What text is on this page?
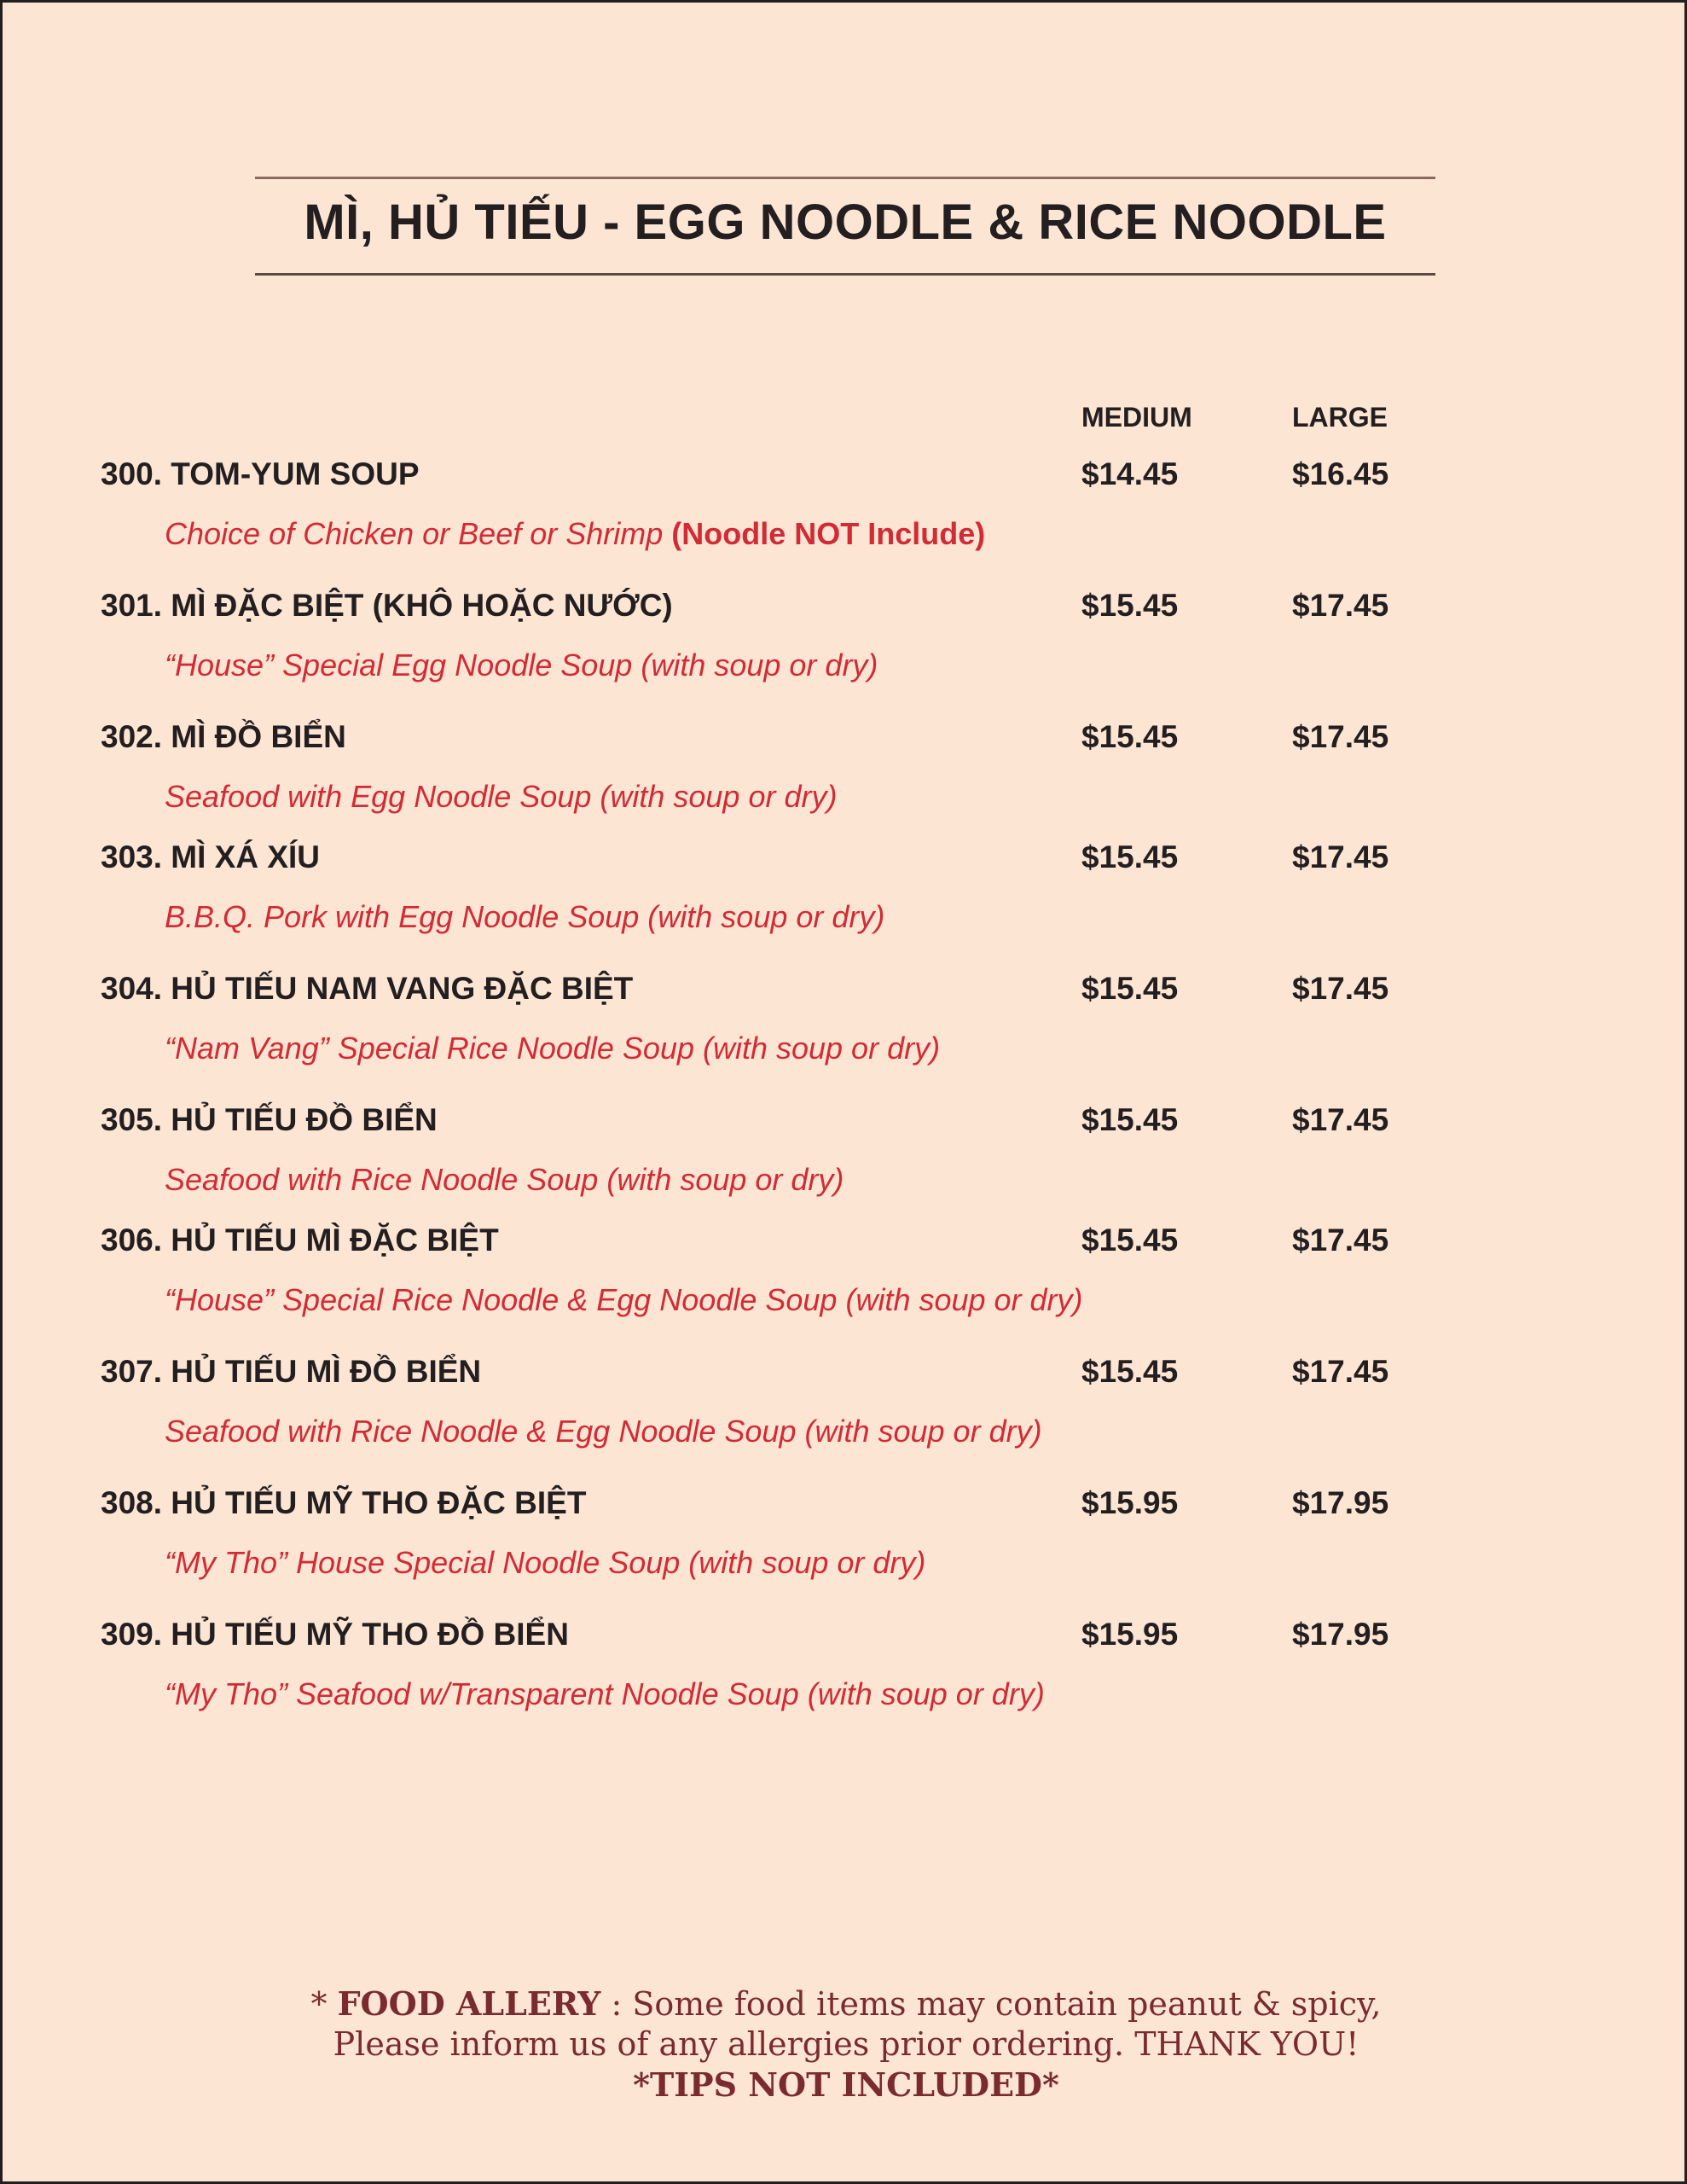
MÌ, HỦ TIẾU - EGG NOODLE & RICE NOODLE
MEDIUM	LARGE
300. TOM-YUM SOUP	$14.45	$16.45
Choice of Chicken or Beef or Shrimp (Noodle NOT Include)
301. MÌ ĐẶC BIỆT (KHÔ HOẶC NƯỚC)	$15.45	$17.45
“House” Special Egg Noodle Soup (with soup or dry)
302. MÌ ĐỒ BIỂN	$15.45	$17.45
Seafood with Egg Noodle Soup (with soup or dry)
303. MÌ XÁ XÍU	$15.45	$17.45
B.B.Q. Pork with Egg Noodle Soup (with soup or dry)
304. HỦ TIẾU NAM VANG ĐẶC BIỆT	$15.45	$17.45
“Nam Vang” Special Rice Noodle Soup (with soup or dry)
305. HỦ TIẾU ĐỒ BIỂN	$15.45	$17.45
Seafood with Rice Noodle Soup (with soup or dry)
306. HỦ TIẾU MÌ ĐẶC BIỆT	$15.45	$17.45
“House” Special Rice Noodle & Egg Noodle Soup (with soup or dry)
307. HỦ TIẾU MÌ ĐỒ BIỂN	$15.45	$17.45
Seafood with Rice Noodle & Egg Noodle Soup (with soup or dry)
308. HỦ TIẾU MỸ THO ĐẶC BIỆT	$15.95	$17.95
“My Tho” House Special Noodle Soup (with soup or dry)
309. HỦ TIẾU MỸ THO ĐỒ BIỂN	$15.95	$17.95
“My Tho” Seafood w/Transparent Noodle Soup (with soup or dry)
* FOOD ALLERY : Some food items may contain peanut & spicy,
Please inform us of any allergies prior ordering. THANK YOU!
*TIPS NOT INCLUDED*
